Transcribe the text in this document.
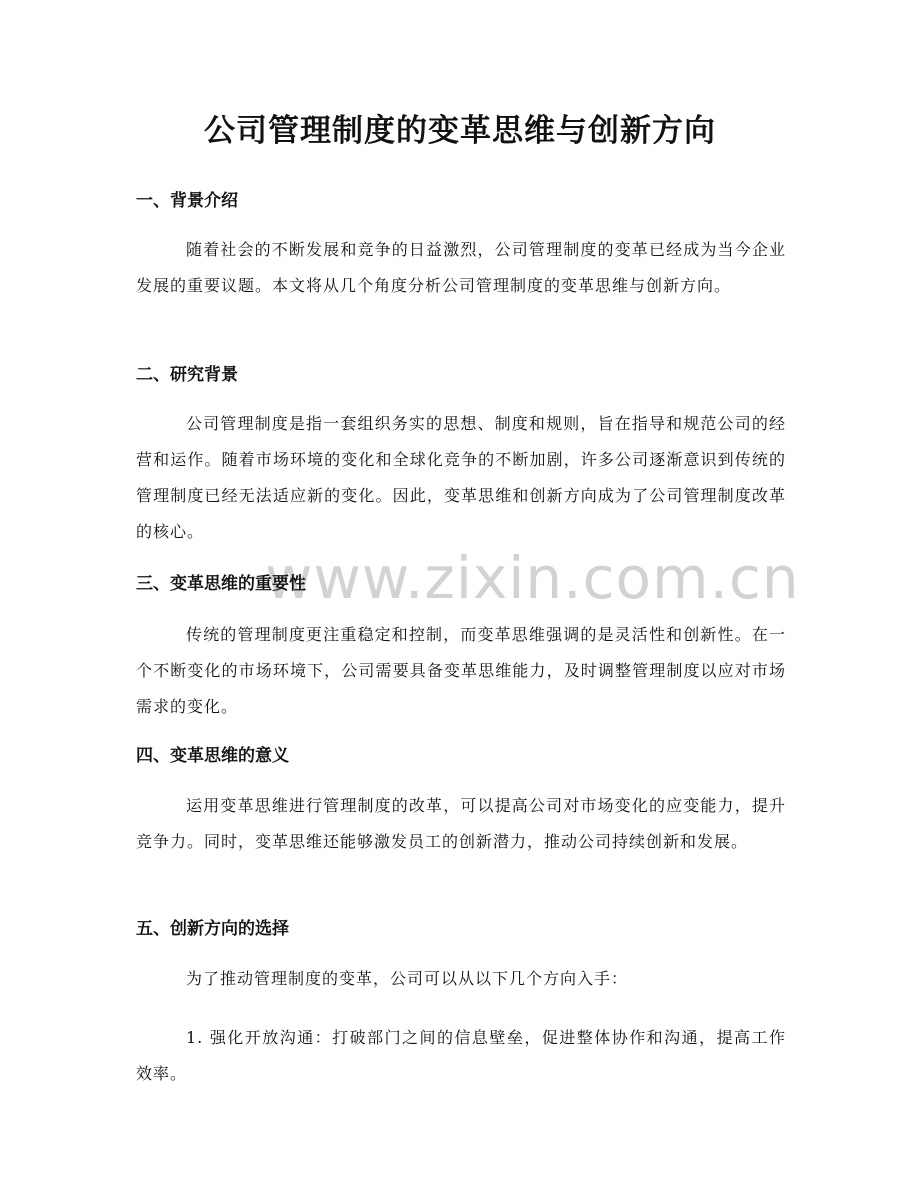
公司管理制度的变革思维与创新方向
www.zixin.com.cn
一、背景介绍

随着社会的不断发展和竞争的日益激烈，公司管理制度的变革已经成为当今企业发展的重要议题。本文将从几个角度分析公司管理制度的变革思维与创新方向。

二、研究背景

公司管理制度是指一套组织务实的思想、制度和规则，旨在指导和规范公司的经营和运作。随着市场环境的变化和全球化竞争的不断加剧，许多公司逐渐意识到传统的管理制度已经无法适应新的变化。因此，变革思维和创新方向成为了公司管理制度改革的核心。

三、变革思维的重要性

传统的管理制度更注重稳定和控制，而变革思维强调的是灵活性和创新性。在一个不断变化的市场环境下，公司需要具备变革思维能力，及时调整管理制度以应对市场需求的变化。

四、变革思维的意义

运用变革思维进行管理制度的改革，可以提高公司对市场变化的应变能力，提升竞争力。同时，变革思维还能够激发员工的创新潜力，推动公司持续创新和发展。

五、创新方向的选择

为了推动管理制度的变革，公司可以从以下几个方向入手：

1. 强化开放沟通：打破部门之间的信息壁垒，促进整体协作和沟通，提高工作效率。
